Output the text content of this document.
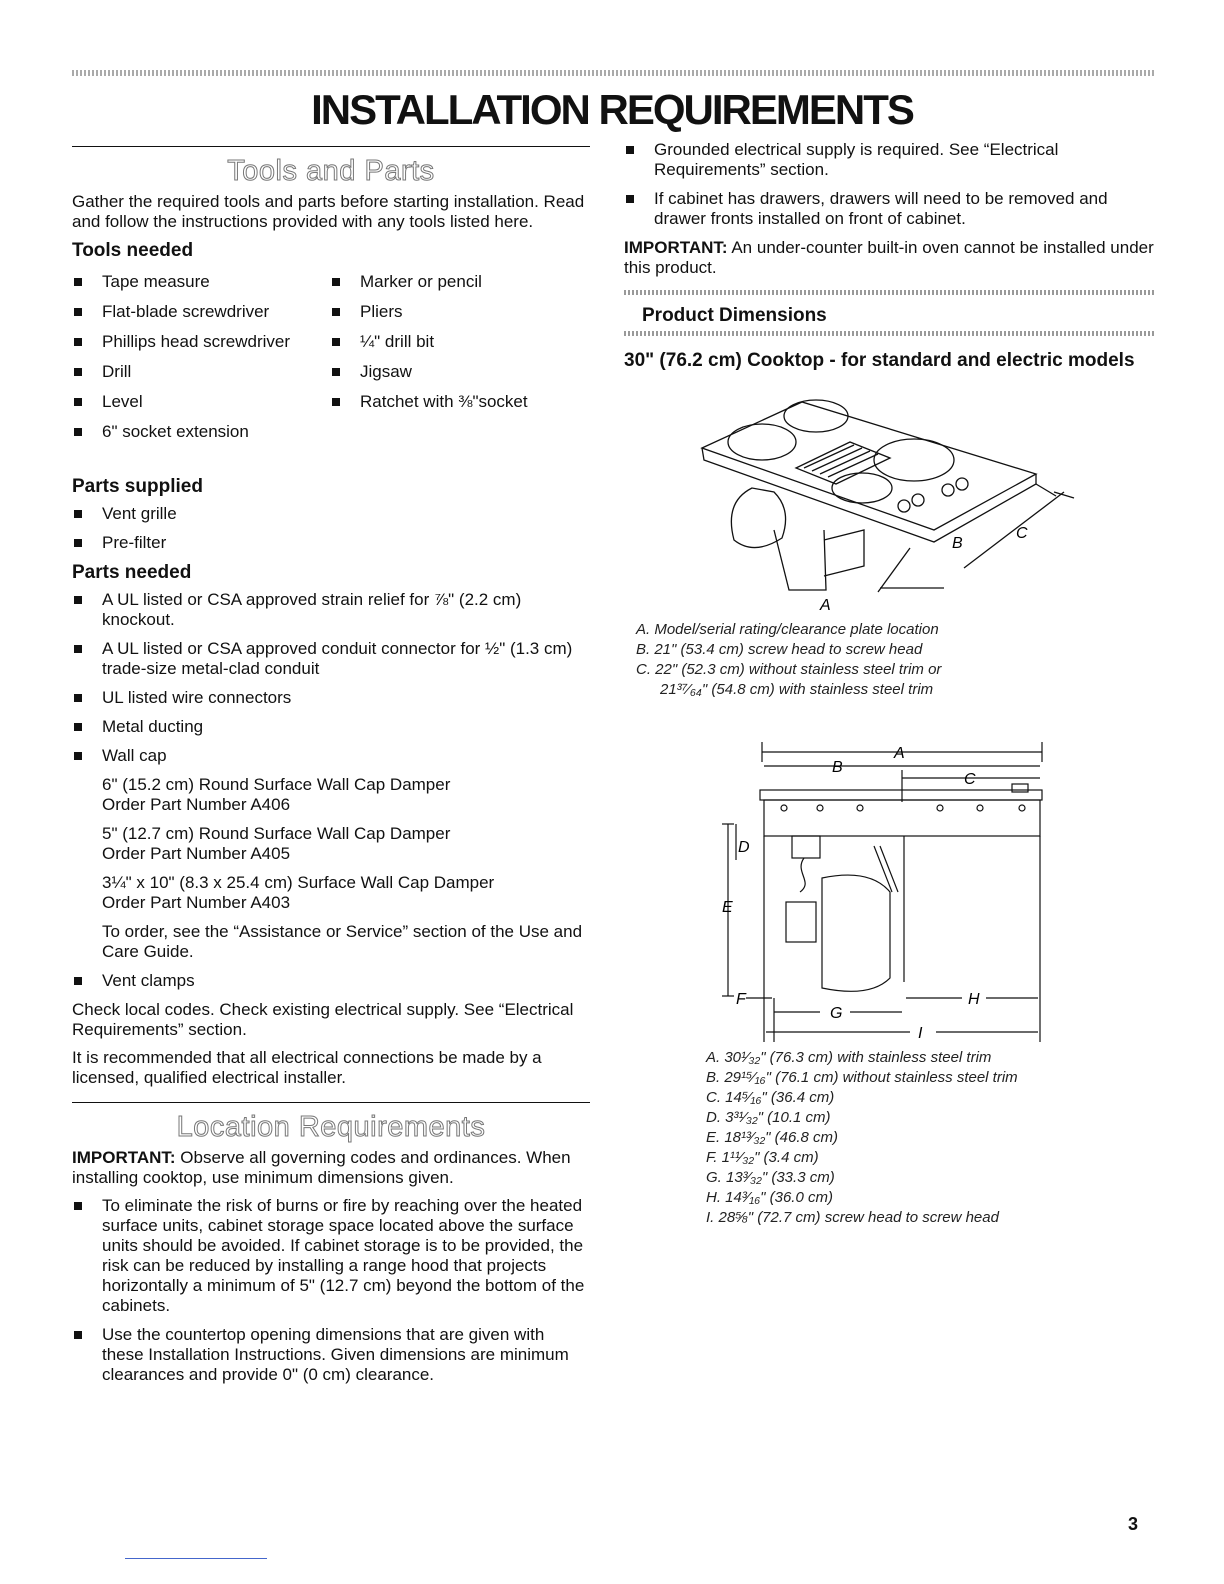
INSTALLATION REQUIREMENTS
Tools and Parts

Gather the required tools and parts before starting installation. Read and follow the instructions provided with any tools listed here.

Tools needed
Tape measure
Flat-blade screwdriver
Phillips head screwdriver
Drill
Level
6" socket extension
Marker or pencil
Pliers
¼" drill bit
Jigsaw
Ratchet with ⅜"socket
Parts supplied
Vent grille
Pre-filter
Parts needed
A UL listed or CSA approved strain relief for ⅞" (2.2 cm) knockout.
A UL listed or CSA approved conduit connector for ½" (1.3 cm) trade-size metal-clad conduit
UL listed wire connectors
Metal ducting
Wall cap

6" (15.2 cm) Round Surface Wall Cap Damper
Order Part Number A406

5" (12.7 cm) Round Surface Wall Cap Damper
Order Part Number A405

3¼" x 10" (8.3 x 25.4 cm) Surface Wall Cap Damper
Order Part Number A403

To order, see the “Assistance or Service” section of the Use and Care Guide.

Vent clamps

Check local codes. Check existing electrical supply. See “Electrical Requirements” section.

It is recommended that all electrical connections be made by a licensed, qualified electrical installer.

Location Requirements

IMPORTANT: Observe all governing codes and ordinances. When installing cooktop, use minimum dimensions given.

To eliminate the risk of burns or fire by reaching over the heated surface units, cabinet storage space located above the surface units should be avoided. If cabinet storage is to be provided, the risk can be reduced by installing a range hood that projects horizontally a minimum of 5" (12.7 cm) beyond the bottom of the cabinets.
Use the countertop opening dimensions that are given with these Installation Instructions. Given dimensions are minimum clearances and provide 0" (0 cm) clearance.
Grounded electrical supply is required. See “Electrical Requirements” section.
If cabinet has drawers, drawers will need to be removed and drawer fronts installed on front of cabinet.

IMPORTANT: An under-counter built-in oven cannot be installed under this product.

Product Dimensions
30" (76.2 cm) Cooktop - for standard and electric models
B
C
A
A. Model/serial rating/clearance plate location
B. 21" (53.4 cm) screw head to screw head
C. 22" (52.3 cm) without stainless steel trim or
21³⁷⁄₆₄" (54.8 cm) with stainless steel trim
A
B
C
D
E
F
G
H
I
A. 30¹⁄₃₂" (76.3 cm) with stainless steel trim
B. 29¹⁵⁄₁₆" (76.1 cm) without stainless steel trim
C. 14⁵⁄₁₆" (36.4 cm)
D. 3³¹⁄₃₂" (10.1 cm)
E. 18¹³⁄₃₂" (46.8 cm)
F. 1¹¹⁄₃₂" (3.4 cm)
G. 13³⁄₃₂" (33.3 cm)
H. 14³⁄₁₆" (36.0 cm)
I. 28⅝" (72.7 cm) screw head to screw head
3
